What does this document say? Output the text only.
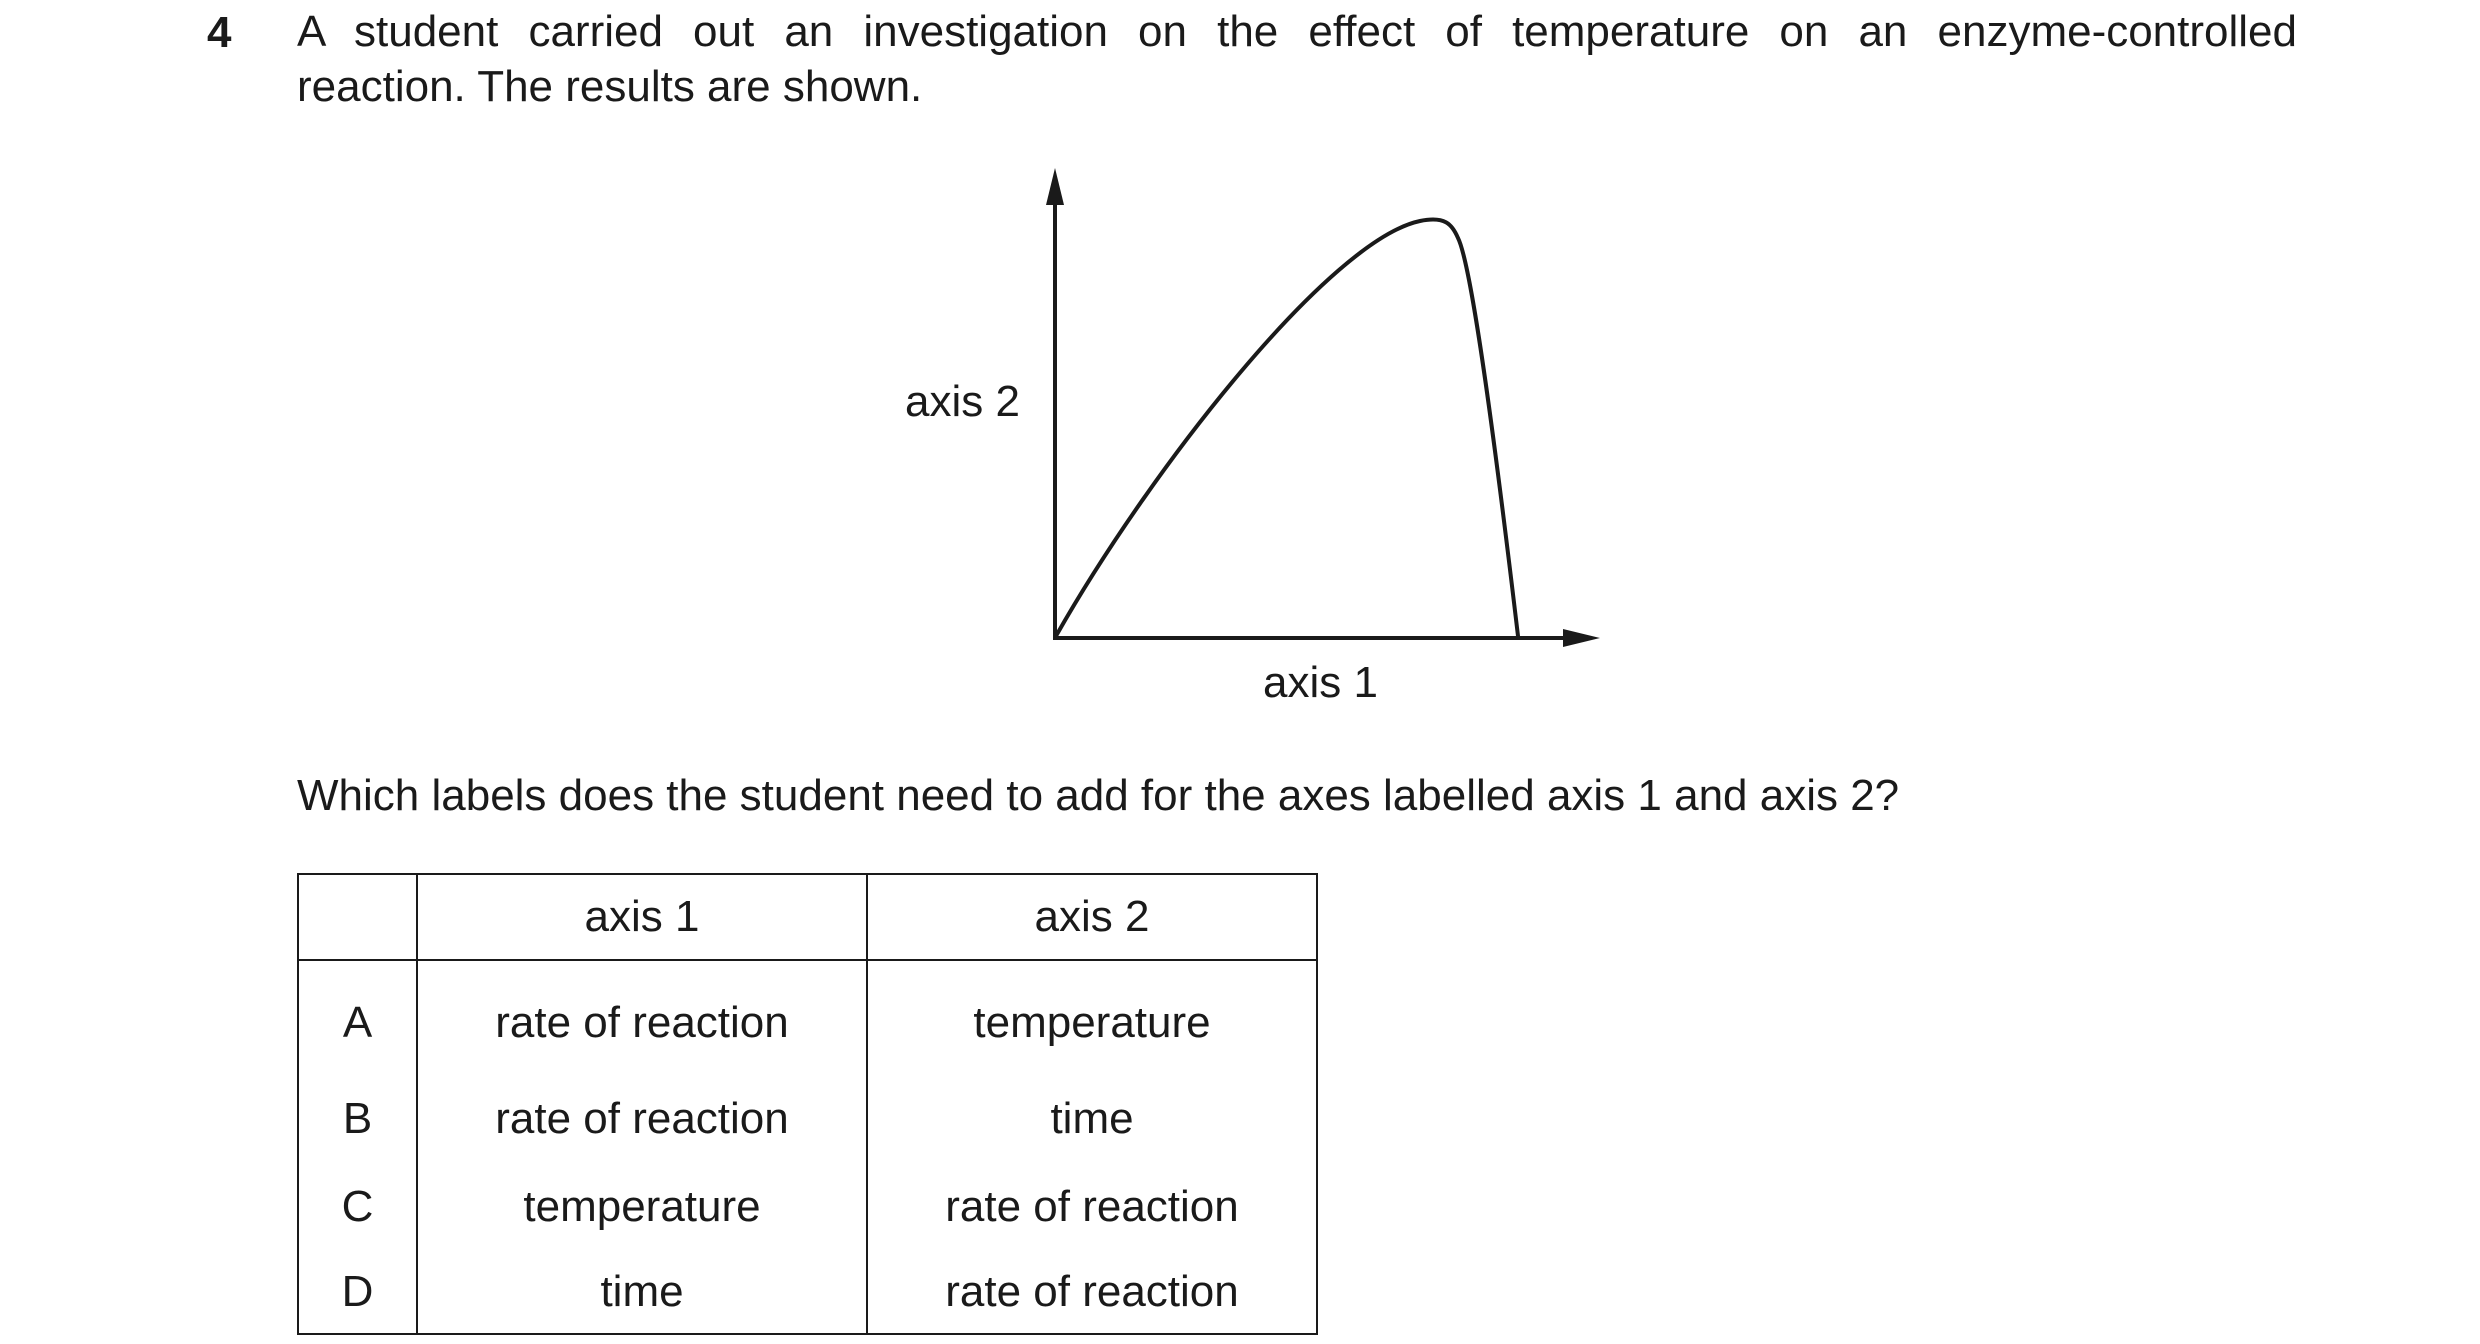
4 A student carried out an investigation on the effect of temperature on an enzyme-controlled
reaction. The results are shown.

axis 2
axis 1
Which labels does the student need to add for the axes labelled axis 1 and axis 2?
	axis 1	axis 2
A	rate of reaction	temperature
B	rate of reaction	time
C	temperature	rate of reaction
D	time	rate of reaction
